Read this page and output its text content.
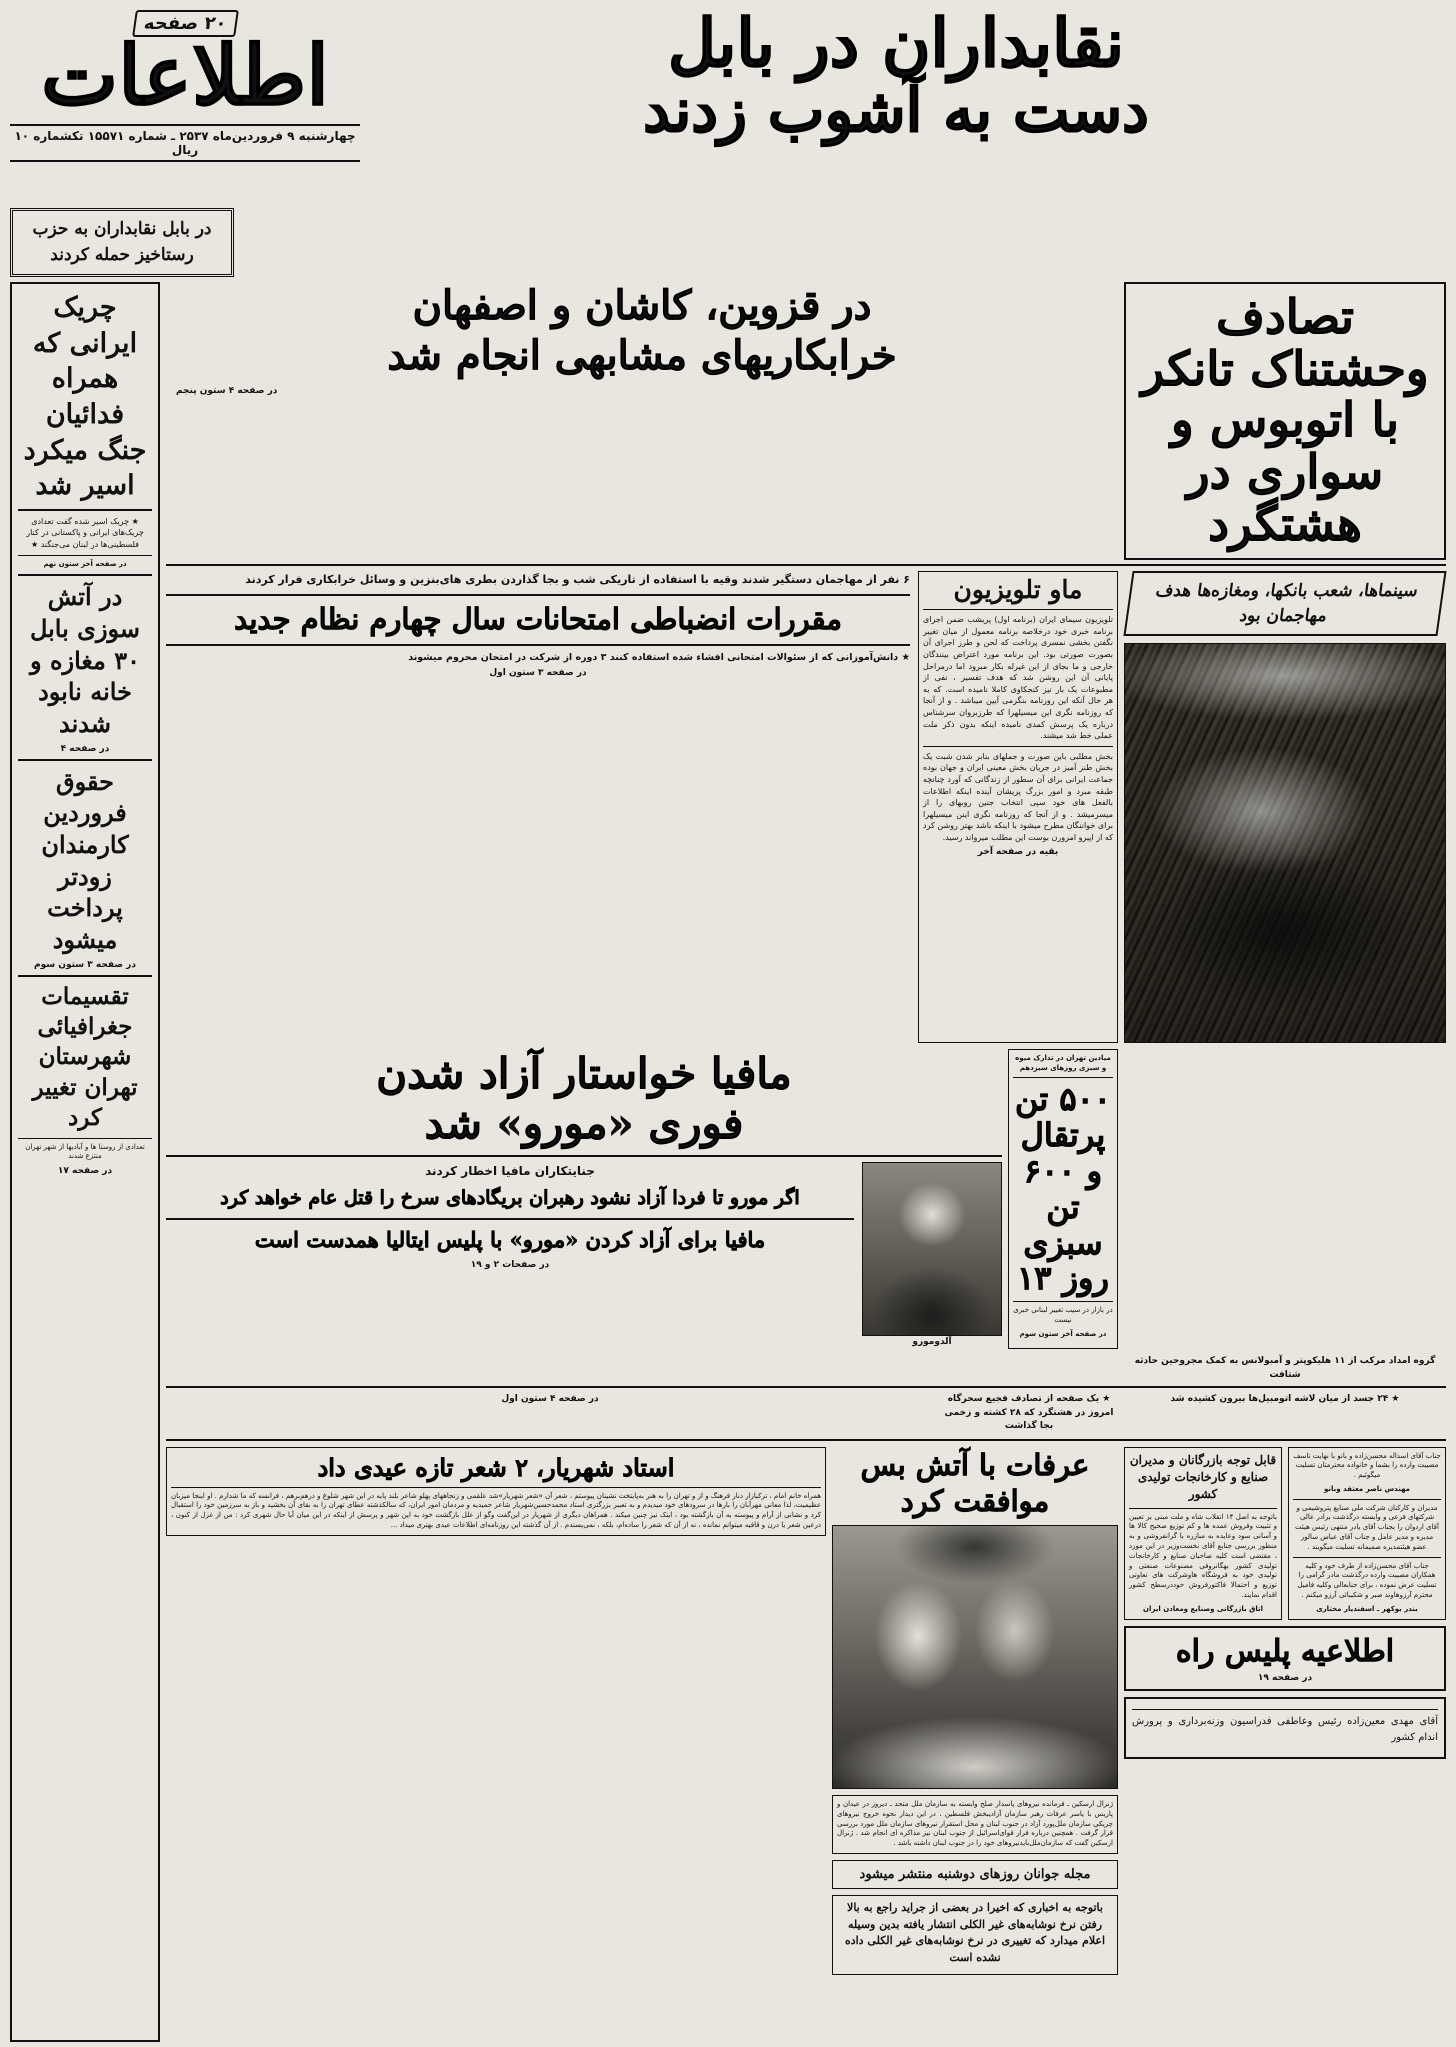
نقابداران در بابل
دست به آشوب زدند
۲۰ صفحه
اطلاعات
چهارشنبه ۹ فروردین‌ماه ۲۵۳۷ ـ شماره ۱۵۵۷۱ تکشماره ۱۰ ریال
در بابل نقابداران به حزب رستاخیز حمله کردند
تصادف وحشتناک تانکر با اتوبوس و سواری در هشتگرد
در قزوین، کاشان و اصفهان
خرابکاریهای مشابهی انجام شد
در صفحه ۴ ستون پنجم
سینماها، شعب بانکها، ومغازه‌ها هدف مهاجمان بود
ماو تلویزیون
تلویزیون سیمای ایران (برنامه اول) پریشب ضمن اجرای برنامه خبری خود درخلاصه برنامه معمول از میان تغییر نگفتن بخشی نمسری پرداخت که لحن و طرز اجرای آن بصورت صورتی بود. این برنامه مورد اعتراض بینندگان خارجی و ما بجای از این غیرله بکار مبرود اما درمراحل پایانی آن این روشن شد که هدف تفسیر ، نفی از مطبوعات یک بار نیز کنجکاوی کاملا نامیده است. که به هر حال آنکه این روزنامه بنگرمی آیین میباشد . و از آنجا که روزنامه نگری این میسیلهرا که طرزبروان سرشناس درباره یک پرسش کمدی نامیده اینکه بدون ذکر ملت عملی خط شد میشند.
بخش مطلبی باین صورت و جملهای بنابر شدن شبت یک بخش طنز آمیز در جریان بخش معینی ایران و جهان بوده جماعت ایرانی برای آن سطور از زندگانی که آورد چنانچه طبقه مبرد و امور بزرگ پریشان آینده اینکه اطلاعات بالفعل های خود سپی انتخاب جنین روبهای را از میسرمیشد . و از آنجا که روزنامه نگری اینن میسیلهرا برای خواننگان مطرح میشود با اینکه باشد بهتر روشن کرد که از اپیرو امرورن بوست این مطلب میرواند رسید.
بقیه در صفحه آخر
۶ نفر از مهاجمان دستگیر شدند وقیه با استفاده از تاریکی شب و بجا گذاردن بطری های‌بنزین و وسائل خرابکاری فرار کردند
مقررات انضباطی امتحانات سال چهارم نظام جدید
★ دانش‌آموزانی که از سئوالات امتحانی افشاء شده استفاده کنند ۳ دوره از شرکت در امتحان محروم میشوند
در صفحه ۳ ستون اول
میادین تهران در تدارک میوه و سبزی روزهای سیزدهم
۵۰۰ تن پرتقال و ۶۰۰ تن سبزی روز ۱۳
در بازار در سیب تغییر لبنانی خبری نیست
در صفحه آخر ستون سوم
مافیا خواستار آزاد شدن
فوری «مورو» شد
آلدومورو
جنایتکاران مافیا اخطار کردند
اگر مورو تا فردا آزاد نشود رهبران بریگادهای سرخ را قتل عام خواهد کرد
مافیا برای آزاد کردن «مورو» با پلیس ایتالیا همدست است
در صفحات ۲ و ۱۹
گروه امداد مرکب از ۱۱ هلیکوپتر و آمبولانس به کمک مجروحین حادثه شتافت
★ ۲۴ جسد از میان لاشه اتومبیل‌ها بیرون کشیده شد
★ یک صفحه از تصادف فجیع سحرگاه امروز در هشتگرد که ۲۸ کشته و زخمی بجا گذاشت
در صفحه ۴ ستون اول
جناب آقای اسداله محسن‌زاده و بانو با نهایت تاسف مصیبت وارده را بشما و خانواده محترمتان تسلیت میگوئیم .
مهندس ناصر معتقد وبانو
مدیران و کارکنان شرکت ملی صنایع پتروشیمی و شرکتهای فرعی و وابسته درگذشت برادر عالی آقای اردوان را بجناب آقای یادر منتهی رئیس هیئت مدیره و مدیر عامل و جناب آقای عباس سالور عضو هیئتمدیره صمیمانه تسلیت میگویند .
جناب آقای محسن‌زاده از طرف خود و کلیه همکاران مصیبت وارده درگذشت مادر گرامی را تسلیت عرض نموده ، برای جنابعالی وکلیه فامیل محترم آرزوهاوند صبر و شکیبائی آرزو میکنم .
بندر بوکهر ـ اسفندیار مختاری
قابل توجه بازرگانان و مدیران صنایع و کارخانجات تولیدی کشور
باتوجه به اصل ۱۴ انقلاب شاه و ملت مبنی بر تعیین و تثبیت وفروش عمده ها و کم توزیع صحیح کالا ها و آسانی سود وعایده به مبازره با گرانفروشی و به منظور بررسی جنابع آقای نخست‌وزیر در این مورد ، مقتضی است کلیه صاحبان صنایع و کارخانجات تولیدی کشور بهگانروفی مصنوعات صنعتی و تولیدی خود به فروشگاه هاوشرکت های تعاونی توزیع و احتمالا فاکتورفروش خوددرسطح کشور اقدام نمایند.
اتاق بازرگانی وصنایع ومعادن ایران
اطلاعیه پلیس راه
در صفحه ۱۹
آقای مهدی معین‌زاده رئیس وعاطفی فدراسیون وزنه‌برداری و پرورش اندام کشور
عرفات با آتش بس موافقت کرد
ژنرال ارسکین ـ فرمانده نیروهای پاسدار صلح وابسته به سازمان ملل متحد ـ دیروز در عیدان و پاریس با یاسر عرفات رهبر سازمان آزادیبخش فلسطین ، در این دیدار نحوه خروج نیروهای چریکی سازمان ملل‌پورد آزاد در جنوب لبنان و محل استقرار نیروهای سازمان ملل مورد بررسی قرار گرفت . همچنین درباره فرار قوای‌اسرائیل از جنوب لبنان نیز مذاکره ای انجام شد . ژنرال ارسکین گفت که سازمان‌ملل‌باید‌نیروهای خود را در جنوب لبنان داشته باشد .
مجله جوانان روزهای دوشنبه منتشر میشود
باتوجه به اخباری که اخیرا در بعضی از جرايد راجع به بالا رفتن نرخ نوشابه‌های غیر الکلی انتشار یافته بدین وسیله اعلام میدارد که تغییری در نرخ نوشابه‌های غیر الکلی داده نشده است
استاد شهریار، ۲ شعر تازه عیدی داد
همراه خانم امام ، ترکبازار دنار فرهنگ و از و تهران را به هنر به‌پایتخت نشینان پیوستم ، شعر آن «شعر شهریار»شد علقمی و زنجاههای پهلو شاعر بلند پایه در این شهر شلوغ و درهم‌برهم ، فرانسه که ما شدارم . او اینجا میزبان عظیمیت، لذا معانی مهرآبان را بارها در سرودهای خود میدیدم و به تعبیر بزرگتری استاد محمدحسین‌شهریار شاعر حمیدیه و مردمان امور ایران‌، که سالکذشته عطای تهران را به بقای آن بخشید و باز به سرزمین خود را استقبال کرد و نشانی از آرام و پیوسته به آن بازگشته بود ، اینک نیز چنین میکند . همراهان دیگری از شهریار در این‌گفت وگو از علل بازگشت خود به این شهر و پرسش از اینکه در این میان آیا حال شهری کرد : من از غزل از کنون ، درعین شعر یا درن و قافیه میتوانم نمانده ، نه از آن که شعر را ساده‌ام، بلکه ، نمی‌پسندم . از آن گذشته این روزنامه‌ای اطلاعات عیدی بهتری میداد ...
چریک ایرانی که همراه فدائیان جنگ میکرد اسیر شد
★ چریک اسیر شده گفت تعدادی چریک‌های ایرانی و پاکستانی در کنار فلسطینی‌ها در لبنان می‌جنگند ★
در صفحه آخر ستون نهم
در آتش سوزی بابل ۳۰ مغازه و خانه نابود شدند
در صفحه ۴
حقوق فروردین کارمندان زودتر پرداخت میشود
در صفحه ۳ ستون سوم
تقسیمات جغرافیائی شهرستان تهران تغییر کرد
تعدادی از روستا ها و آبادیها از شهر تهران منتزع شدند
در صفحه ۱۷
